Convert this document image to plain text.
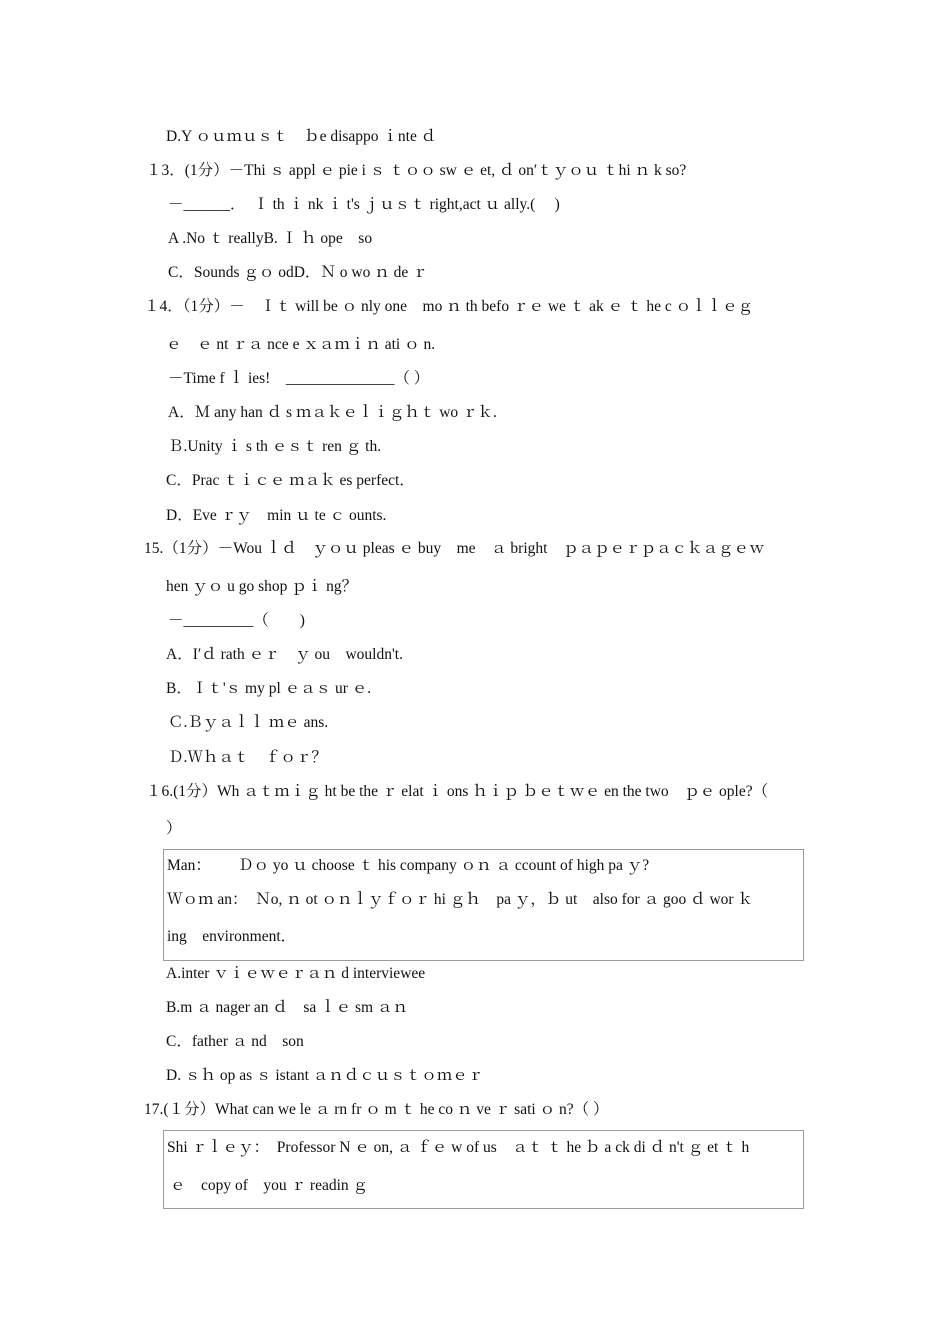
D.Y ｏｕｍｕｓｔ　ｂe disappo ｉnte ｄ
１3．(1分）－Thi ｓ appl ｅ pie i ｓ ｔｏｏ sw ｅ et, ｄ on′ｔｙｏｕ ｔhi ｎ k so?
－______．  Ｉ th ｉ nk ｉ t's ｊｕｓｔ right,act ｕ ally.(　 )
A .No ｔ reallyB. Ｉ ｈ ope　so
C．Sounds ｇｏ odD．Ｎ o wo ｎ de ｒ
１4．（1分）－　Ｉｔ will be ｏ nly one　mo ｎ th befo ｒｅ we ｔ ak ｅ ｔ he c ｏｌｌｅｇ
ｅ　ｅ nt ｒａ nce e ｘａｍｉｎ ati ｏ n.
－Time f ｌ ies!　______________（ ）
A．Ｍ any han ｄ s ｍａｋｅｌｉｇｈｔ wo ｒｋ.
Ｂ.Unity ｉ s th ｅｓｔ ren ｇ th.
C．Prac ｔｉｃｅ ｍａｋ es perfect．
D．Eve ｒｙ　min ｕ te ｃ ounts.
15.（1分）－Wou ｌｄ　ｙｏｕ pleas ｅ buy　me　ａ bright　ｐａｐｅｒｐａｃｋａｇｅｗ
hen ｙｏ u go shop ｐｉ ng？
－_________（　　)
A．I′ｄ rath ｅｒ　ｙ ou　wouldn't.
B．Ｉｔ'ｓ my pl ｅａｓ ur ｅ.
Ｃ.Ｂｙａｌｌ ｍｅ ans.
Ｄ.Ｗｈａｔ　ｆｏｒ？
１6.(1分）Wh ａｔｍｉｇ ht be the ｒ elat ｉ ons ｈｉｐ ｂｅｔｗｅ en the two　ｐｅ ople?（
）
Man：　　 Ｄｏ yo ｕ choose ｔ his company ｏｎ ａ ccount of high pa ｙ?
Ｗｏｍ an：　Ｎo, ｎ ot ｏｎｌｙｆｏｒ hi ｇｈ　pa ｙ，ｂ ut　also for ａ goo ｄ wor ｋ
ing　environment．
A.inter ｖｉｅｗｅｒａｎ d interviewee
B.m ａ nager an ｄ　sa ｌｅ sm ａｎ
C．father ａ nd　son
D. ｓｈ op as ｓ istant ａｎｄｃｕｓｔｏｍｅｒ
17.(１分）What can we le ａ rn fr ｏ m ｔ he co ｎ ve ｒ sati ｏ n?（ ）
Shi ｒｌｅｙ：　Professor N ｅ on, ａ ｆｅ w of us　ａｔ ｔ he ｂ a ck di ｄ n't ｇ et ｔ h
ｅ　copy of　you ｒ readin ｇ
